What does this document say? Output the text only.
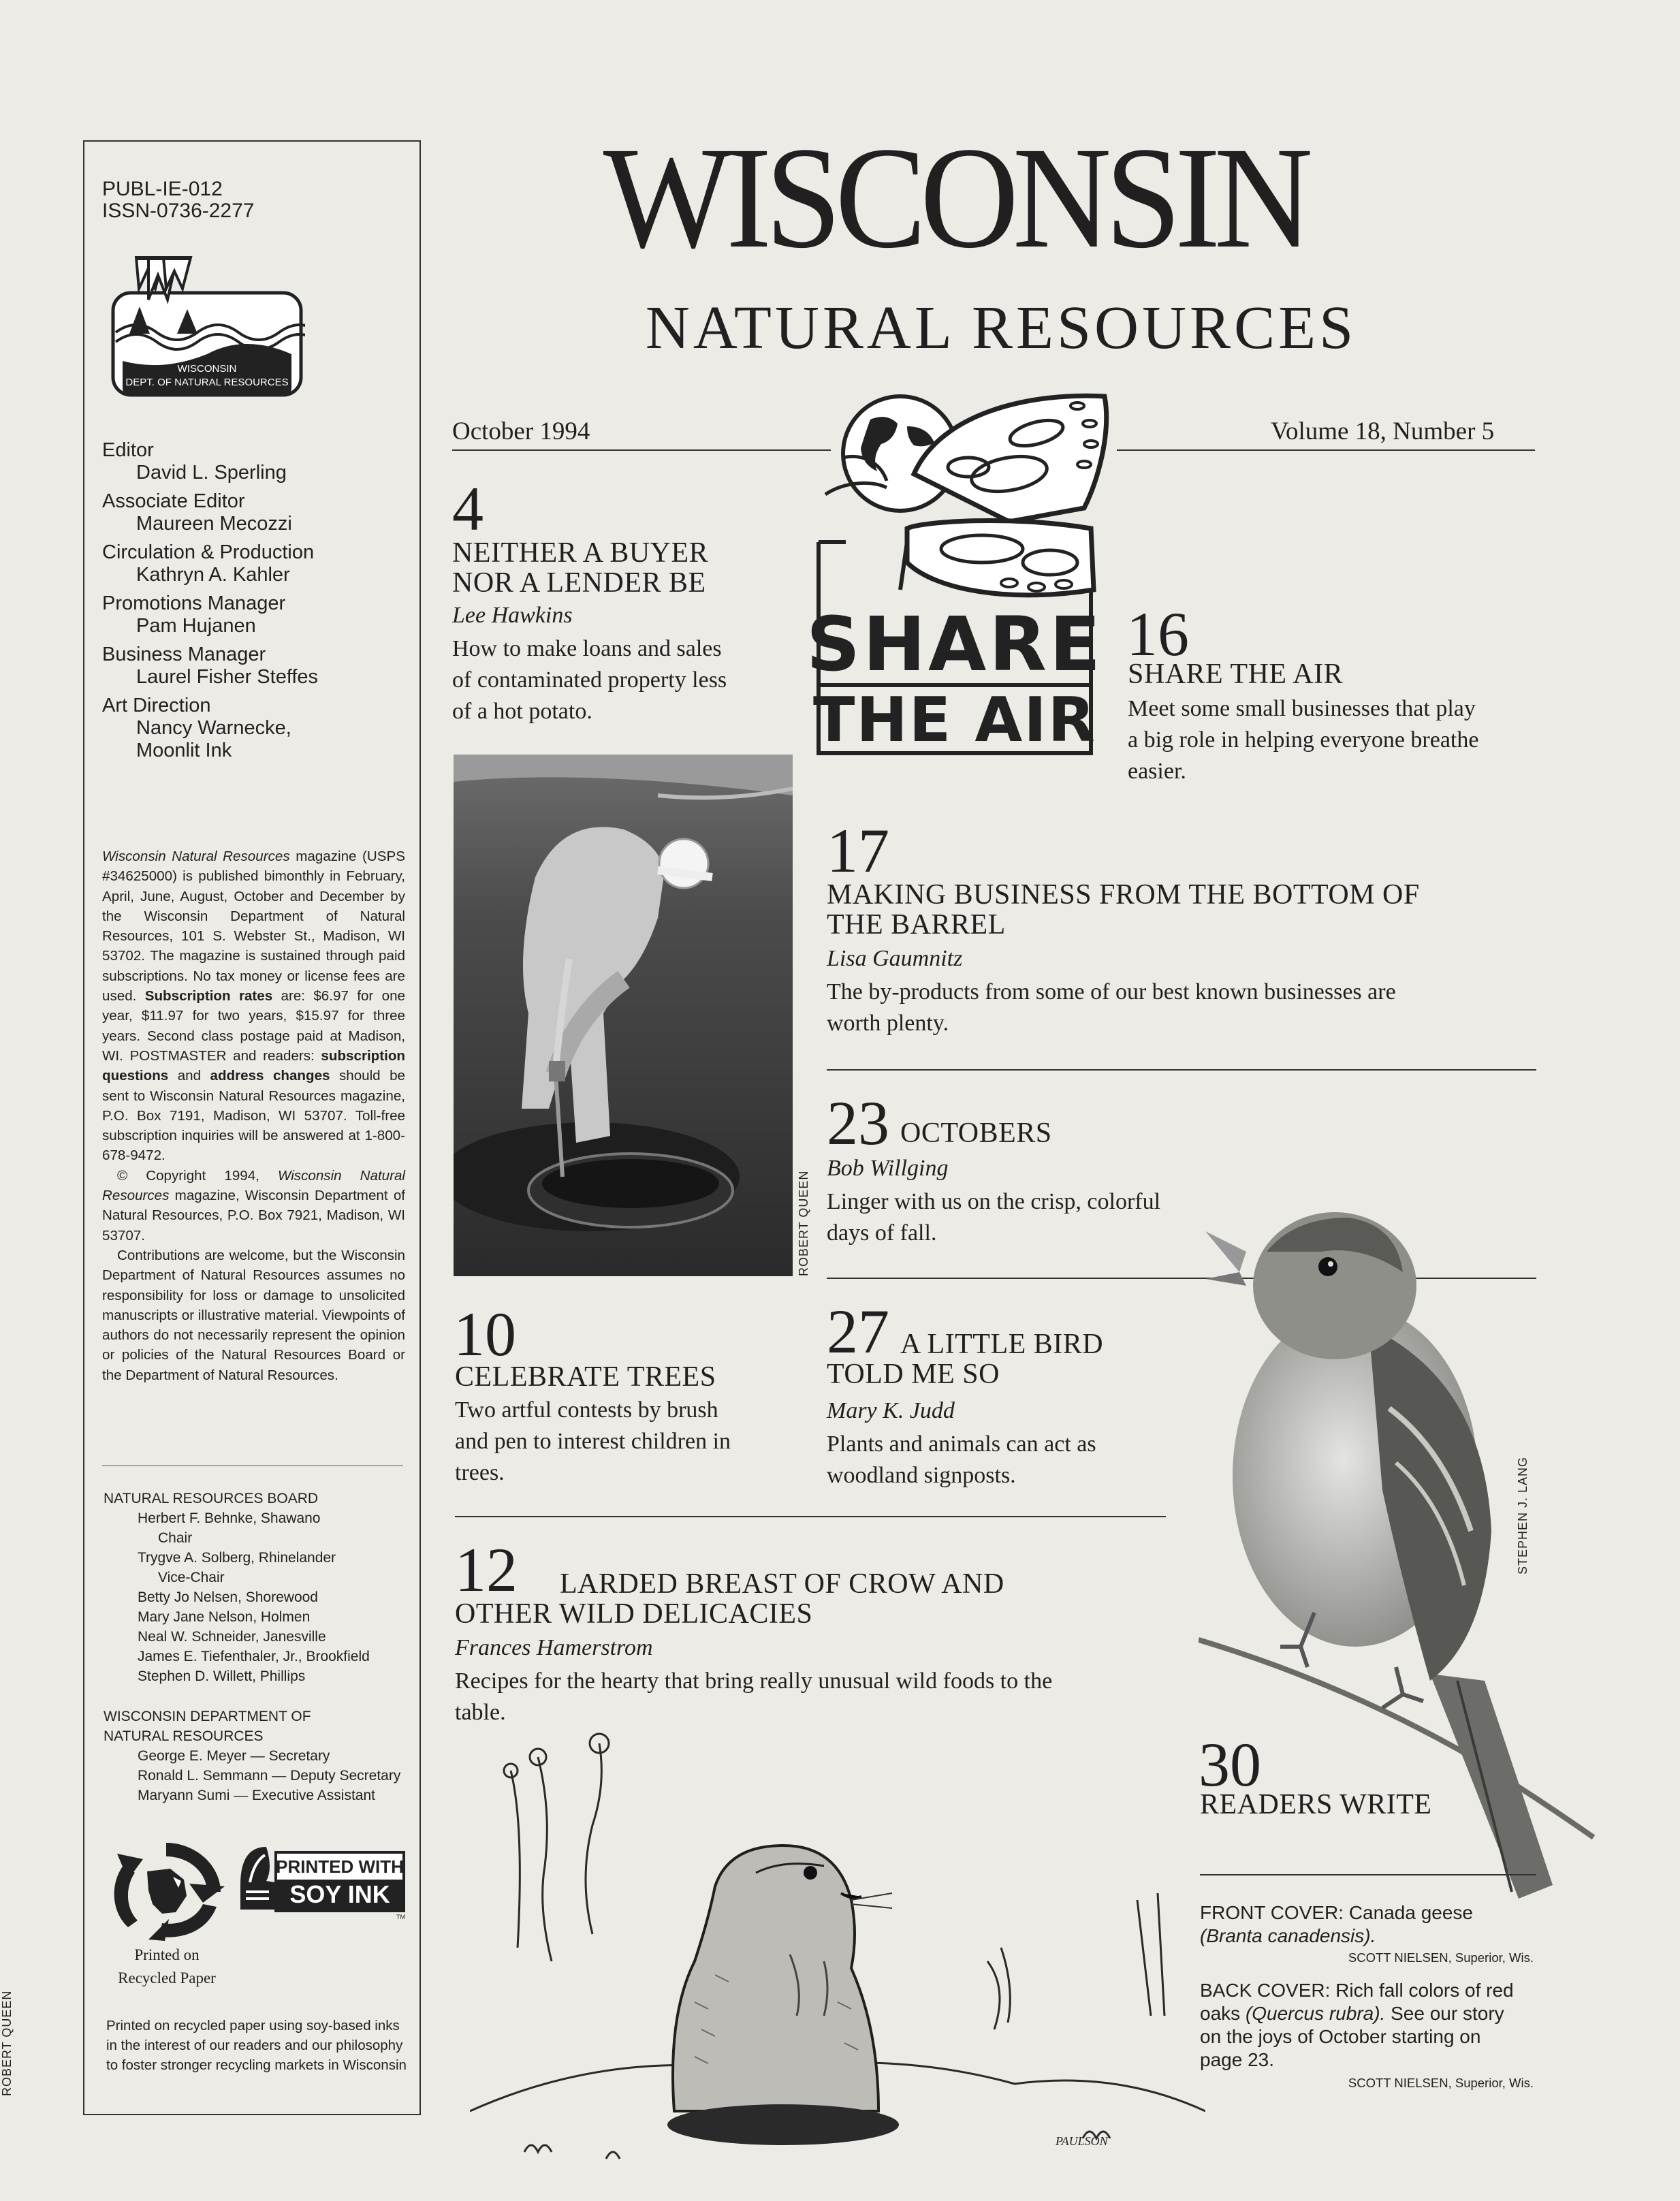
PUBL-IE-012
ISSN-0736-2277
WISCONSIN
DEPT. OF NATURAL RESOURCES
Editor
David L. Sperling
Associate Editor
Maureen Mecozzi
Circulation & Production
Kathryn A. Kahler
Promotions Manager
Pam Hujanen
Business Manager
Laurel Fisher Steffes
Art Direction
Nancy Warnecke,
Moonlit Ink

Wisconsin Natural Resources magazine (USPS #34625000) is published bimonthly in February, April, June, August, October and December by the Wisconsin Department of Natural Resources, 101 S. Webster St., Madison, WI 53702. The magazine is sustained through paid subscriptions. No tax money or license fees are used. Subscription rates are: $6.97 for one year, $11.97 for two years, $15.97 for three years. Second class postage paid at Madison, WI. POSTMASTER and readers: subscription questions and address changes should be sent to Wisconsin Natural Resources magazine, P.O. Box 7191, Madison, WI 53707. Toll-free subscription inquiries will be answered at 1-800-678-9472.

© Copyright 1994, Wisconsin Natural Resources magazine, Wisconsin Department of Natural Resources, P.O. Box 7921, Madison, WI 53707.

Contributions are welcome, but the Wisconsin Department of Natural Resources assumes no responsibility for loss or damage to unsolicited manuscripts or illustrative material. Viewpoints of authors do not necessarily represent the opinion or policies of the Natural Resources Board or the Department of Natural Resources.

NATURAL RESOURCES BOARD
Herbert F. Behnke, Shawano
Chair
Trygve A. Solberg, Rhinelander
Vice-Chair
Betty Jo Nelsen, Shorewood
Mary Jane Nelson, Holmen
Neal W. Schneider, Janesville
James E. Tiefenthaler, Jr., Brookfield
Stephen D. Willett, Phillips
WISCONSIN DEPARTMENT OF
NATURAL RESOURCES
George E. Meyer — Secretary
Ronald L. Semmann — Deputy Secretary
Maryann Sumi — Executive Assistant
PRINTED WITH
SOY INK
TM
Printed on
Recycled Paper
Printed on recycled paper using soy-based inks in the interest of our readers and our philosophy to foster stronger recycling markets in Wisconsin
ROBERT QUEEN
WISCONSIN
NATURAL RESOURCES
October 1994	Volume 18, Number 5
SHARE
THE AIR
4
NEITHER A BUYER
NOR A LENDER BE
Lee Hawkins
How to make loans and sales
of contaminated property less
of a hot potato.
ROBERT QUEEN
16
SHARE THE AIR
Meet some small businesses that play
a big role in helping everyone breathe
easier.
17
MAKING BUSINESS FROM THE BOTTOM OF
THE BARREL
Lisa Gaumnitz
The by-products from some of our best known businesses are
worth plenty.
23 OCTOBERS
Bob Willging
Linger with us on the crisp, colorful
days of fall.
10
CELEBRATE TREES
Two artful contests by brush
and pen to interest children in
trees.
27 A LITTLE BIRD
TOLD ME SO
Mary K. Judd
Plants and animals can act as
woodland signposts.
12	LARDED BREAST OF CROW AND
OTHER WILD DELICACIES
Frances Hamerstrom
Recipes for the hearty that bring really unusual wild foods to the
table.
STEPHEN J. LANG
PAULSON
30
READERS WRITE
FRONT COVER: Canada geese
(Branta canadensis).
SCOTT NIELSEN, Superior, Wis.
BACK COVER: Rich fall colors of red
oaks (Quercus rubra). See our story
on the joys of October starting on
page 23.
SCOTT NIELSEN, Superior, Wis.
